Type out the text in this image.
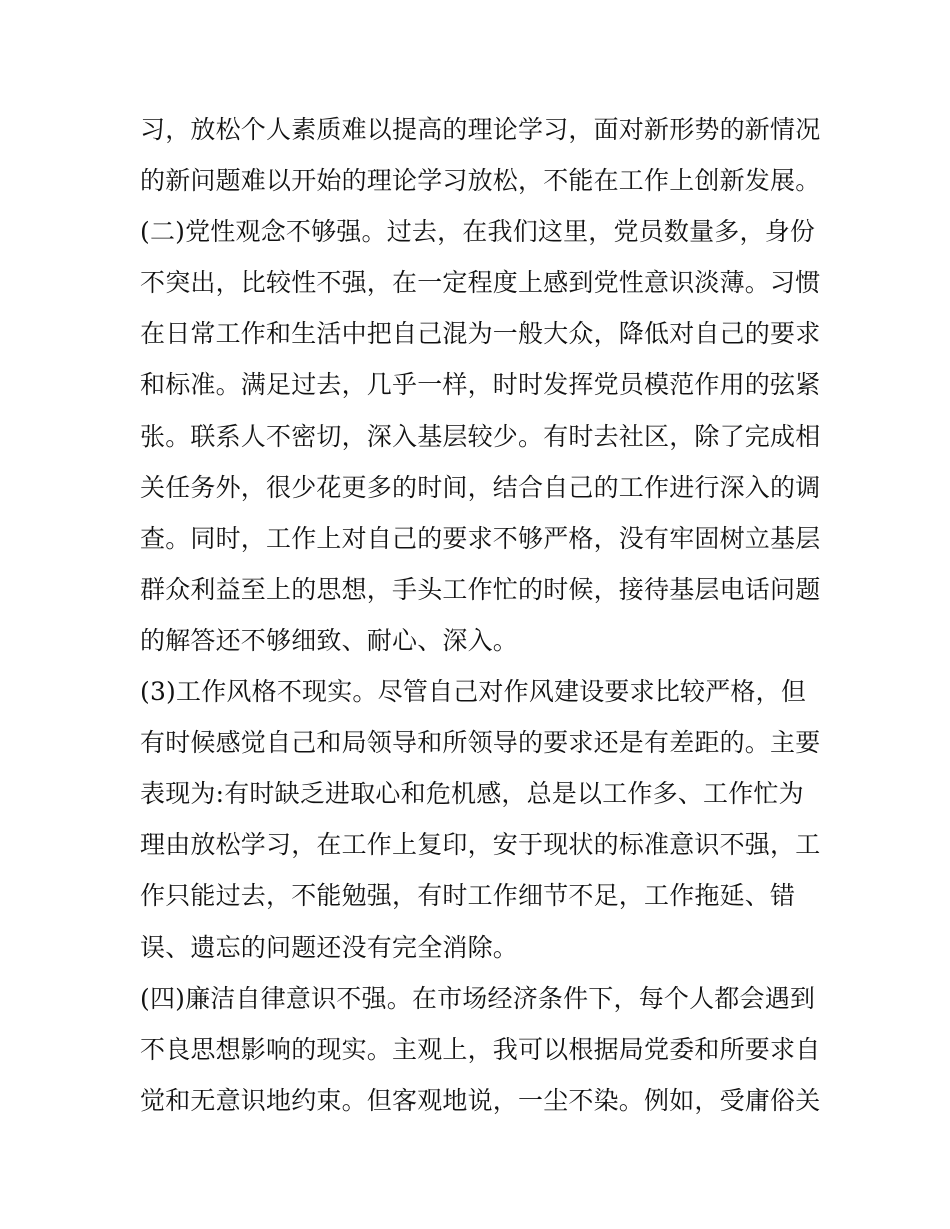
习，放松个人素质难以提高的理论学习，面对新形势的新情况
的新问题难以开始的理论学习放松，不能在工作上创新发展。
(二)党性观念不够强。过去，在我们这里，党员数量多，身份
不突出，比较性不强，在一定程度上感到党性意识淡薄。习惯
在日常工作和生活中把自己混为一般大众，降低对自己的要求
和标准。满足过去，几乎一样，时时发挥党员模范作用的弦紧
张。联系人不密切，深入基层较少。有时去社区，除了完成相
关任务外，很少花更多的时间，结合自己的工作进行深入的调
查。同时，工作上对自己的要求不够严格，没有牢固树立基层
群众利益至上的思想，手头工作忙的时候，接待基层电话问题
的解答还不够细致、耐心、深入。
(3)工作风格不现实。尽管自己对作风建设要求比较严格，但
有时候感觉自己和局领导和所领导的要求还是有差距的。主要
表现为:有时缺乏进取心和危机感，总是以工作多、工作忙为
理由放松学习，在工作上复印，安于现状的标准意识不强，工
作只能过去，不能勉强，有时工作细节不足，工作拖延、错
误、遗忘的问题还没有完全消除。
(四)廉洁自律意识不强。在市场经济条件下，每个人都会遇到
不良思想影响的现实。主观上，我可以根据局党委和所要求自
觉和无意识地约束。但客观地说，一尘不染。例如，受庸俗关
